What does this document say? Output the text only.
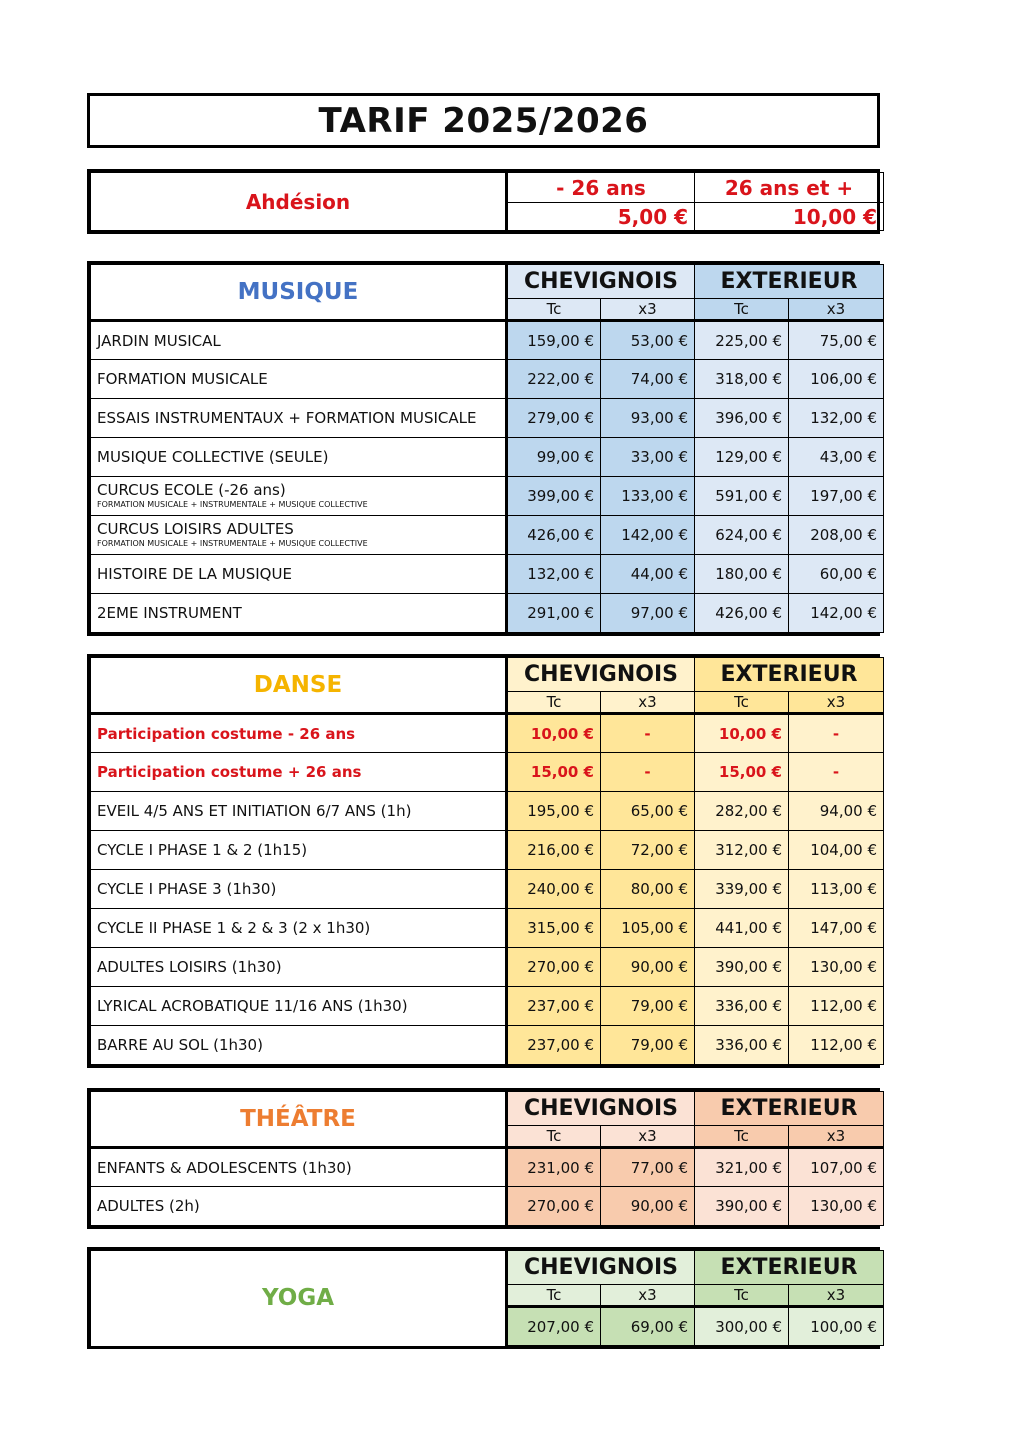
TARIF 2025/2026
Ahdésion	- 26 ans	26 ans et +
	5,00 €	10,00 €
MUSIQUE	CHEVIGNOIS		EXTERIEUR	
	Tc	x3	Tc	x3

JARDIN MUSICAL	159,00 €	53,00 €	225,00 €	75,00 €

FORMATION MUSICALE	222,00 €	74,00 €	318,00 €	106,00 €

ESSAIS INSTRUMENTAUX + FORMATION MUSICALE	279,00 €	93,00 €	396,00 €	132,00 €

MUSIQUE COLLECTIVE (SEULE)	99,00 €	33,00 €	129,00 €	43,00 €

CURCUS ECOLE (-26 ans)
FORMATION MUSICALE + INSTRUMENTALE + MUSIQUE COLLECTIVE	399,00 €	133,00 €	591,00 €	197,00 €

CURCUS LOISIRS ADULTES
FORMATION MUSICALE + INSTRUMENTALE + MUSIQUE COLLECTIVE	426,00 €	142,00 €	624,00 €	208,00 €

HISTOIRE DE LA MUSIQUE	132,00 €	44,00 €	180,00 €	60,00 €

2EME INSTRUMENT	291,00 €	97,00 €	426,00 €	142,00 €
DANSE	CHEVIGNOIS		EXTERIEUR	
	Tc	x3	Tc	x3

Participation costume - 26 ans	10,00 €	-	10,00 €	-

Participation costume + 26 ans	15,00 €	-	15,00 €	-

EVEIL 4/5 ANS ET INITIATION 6/7 ANS (1h)	195,00 €	65,00 €	282,00 €	94,00 €

CYCLE I PHASE 1 & 2 (1h15)	216,00 €	72,00 €	312,00 €	104,00 €

CYCLE I PHASE 3 (1h30)	240,00 €	80,00 €	339,00 €	113,00 €

CYCLE II PHASE 1 & 2 & 3 (2 x 1h30)	315,00 €	105,00 €	441,00 €	147,00 €

ADULTES LOISIRS (1h30)	270,00 €	90,00 €	390,00 €	130,00 €

LYRICAL ACROBATIQUE 11/16 ANS (1h30)	237,00 €	79,00 €	336,00 €	112,00 €

BARRE AU SOL (1h30)	237,00 €	79,00 €	336,00 €	112,00 €
THÉÂTRE	CHEVIGNOIS		EXTERIEUR	
	Tc	x3	Tc	x3

ENFANTS & ADOLESCENTS (1h30)	231,00 €	77,00 €	321,00 €	107,00 €

ADULTES (2h)	270,00 €	90,00 €	390,00 €	130,00 €
YOGA	CHEVIGNOIS		EXTERIEUR	
	Tc	x3	Tc	x3
	207,00 €	69,00 €	300,00 €	100,00 €
